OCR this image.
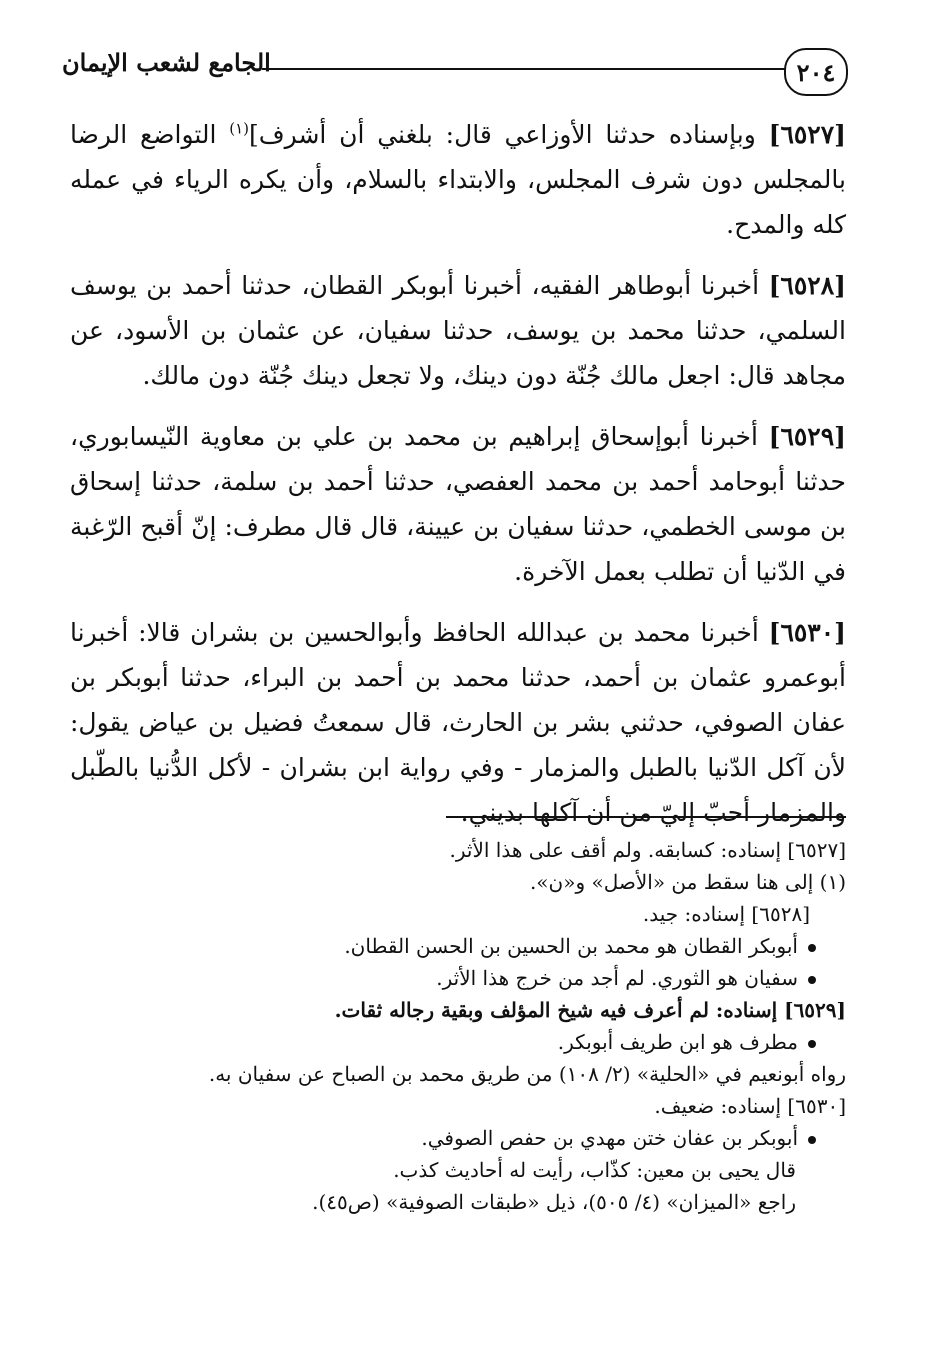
٢٠٤
الجامع لشعب الإيمان

[٦٥٢٧] وبإسناده حدثنا الأوزاعي قال: بلغني أن أشرف]$^{(١)}$ التواضع الرضا بالمجلس دون شرف المجلس، والابتداء بالسلام، وأن يكره الرياء في عمله كله والمدح.

[٦٥٢٨] أخبرنا أبوطاهر الفقيه، أخبرنا أبوبكر القطان، حدثنا أحمد بن يوسف السلمي، حدثنا محمد بن يوسف، حدثنا سفيان، عن عثمان بن الأسود، عن مجاهد قال: اجعل مالك جُنّة دون دينك، ولا تجعل دينك جُنّة دون مالك.

[٦٥٢٩] أخبرنا أبوإسحاق إبراهيم بن محمد بن علي بن معاوية النّيسابوري، حدثنا أبوحامد أحمد بن محمد العفصي، حدثنا أحمد بن سلمة، حدثنا إسحاق بن موسى الخطمي، حدثنا سفيان بن عيينة، قال قال مطرف: إنّ أقبح الرّغبة في الدّنيا أن تطلب بعمل الآخرة.

[٦٥٣٠] أخبرنا محمد بن عبدالله الحافظ وأبوالحسين بن بشران قالا: أخبرنا أبوعمرو عثمان بن أحمد، حدثنا محمد بن أحمد بن البراء، حدثنا أبوبكر بن عفان الصوفي، حدثني بشر بن الحارث، قال سمعتُ فضيل بن عياض يقول: لأن آكل الدّنيا بالطبل والمزمار - وفي رواية ابن بشران - لأكل الدُّنيا بالطّبل والمزمار أحبّ إليّ من أن آكلها بديني.

[٦٥٢٧] إسناده: كسابقه. ولم أقف على هذا الأثر.

(١) إلى هنا سقط من «الأصل» و«ن».

[٦٥٢٨] إسناده: جيد.

أبوبكر القطان هو محمد بن الحسين بن الحسن القطان.

سفيان هو الثوري. لم أجد من خرج هذا الأثر.

[٦٥٢٩] إسناده: لم أعرف فيه شيخ المؤلف وبقية رجاله ثقات.

مطرف هو ابن طريف أبوبكر.

رواه أبونعيم في «الحلية» (٢/ ١٠٨) من طريق محمد بن الصباح عن سفيان به.

[٦٥٣٠] إسناده: ضعيف.

أبوبكر بن عفان ختن مهدي بن حفص الصوفي.

قال يحيى بن معين: كذّاب، رأيت له أحاديث كذب.

راجع «الميزان» (٤/ ٥٠٥)، ذيل «طبقات الصوفية» (ص٤٥).
